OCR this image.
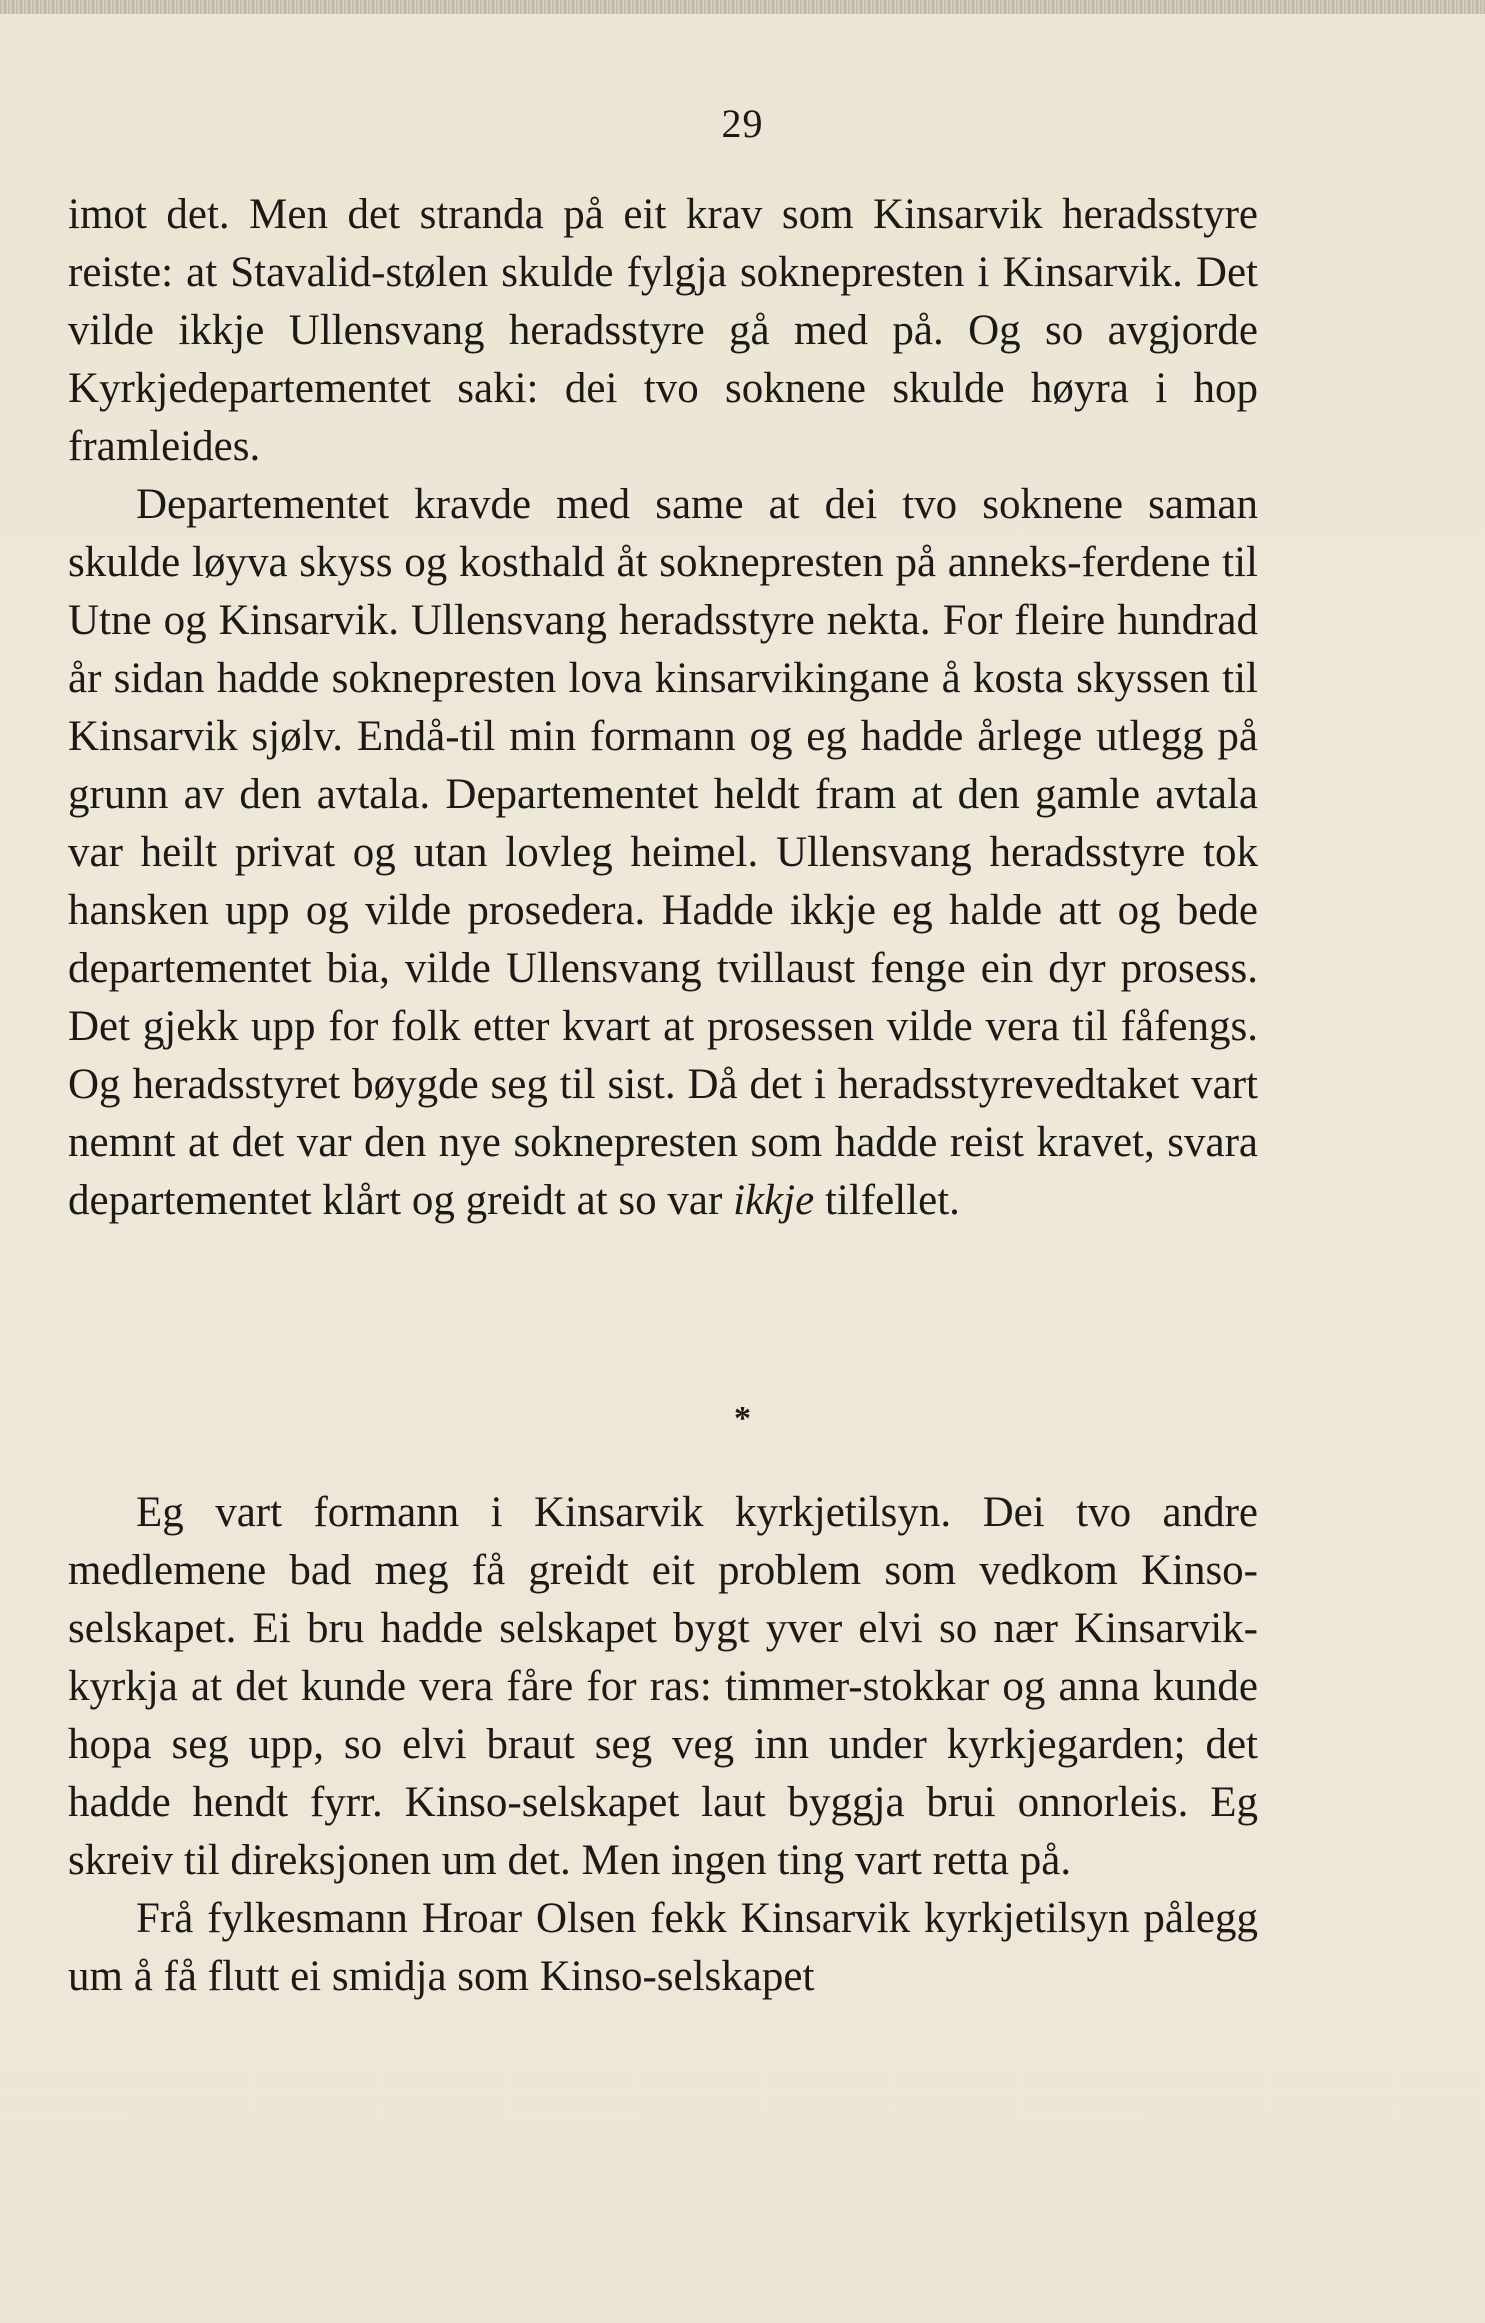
29

imot det. Men det stranda på eit krav som Kinsarvik heradsstyre reiste: at Stavalid-stølen skulde fylgja soknepresten i Kinsarvik. Det vilde ikkje Ullensvang heradsstyre gå med på. Og so avgjorde Kyrkjedepartementet saki: dei tvo soknene skulde høyra i hop framleides.

Departementet kravde med same at dei tvo soknene saman skulde løyva skyss og kosthald åt soknepresten på anneks-ferdene til Utne og Kinsarvik. Ullensvang heradsstyre nekta. For fleire hundrad år sidan hadde soknepresten lova kinsarvikingane å kosta skyssen til Kinsarvik sjølv. Endå-til min formann og eg hadde årlege utlegg på grunn av den avtala. Departementet heldt fram at den gamle avtala var heilt privat og utan lovleg heimel. Ullensvang heradsstyre tok hansken upp og vilde prosedera. Hadde ikkje eg halde att og bede departementet bia, vilde Ullensvang tvillaust fenge ein dyr prosess. Det gjekk upp for folk etter kvart at prosessen vilde vera til fåfengs. Og heradsstyret bøygde seg til sist. Då det i heradsstyrevedtaket vart nemnt at det var den nye soknepresten som hadde reist kravet, svara departementet klårt og greidt at so var ikkje tilfellet.

*

Eg vart formann i Kinsarvik kyrkjetilsyn. Dei tvo andre medlemene bad meg få greidt eit problem som vedkom Kinso-selskapet. Ei bru hadde selskapet bygt yver elvi so nær Kinsarvik-kyrkja at det kunde vera fåre for ras: timmer-stokkar og anna kunde hopa seg upp, so elvi braut seg veg inn under kyrkjegarden; det hadde hendt fyrr. Kinso-selskapet laut byggja brui onnorleis. Eg skreiv til direksjonen um det. Men ingen ting vart retta på.

Frå fylkesmann Hroar Olsen fekk Kinsarvik kyrkjetilsyn pålegg um å få flutt ei smidja som Kinso-selskapet
